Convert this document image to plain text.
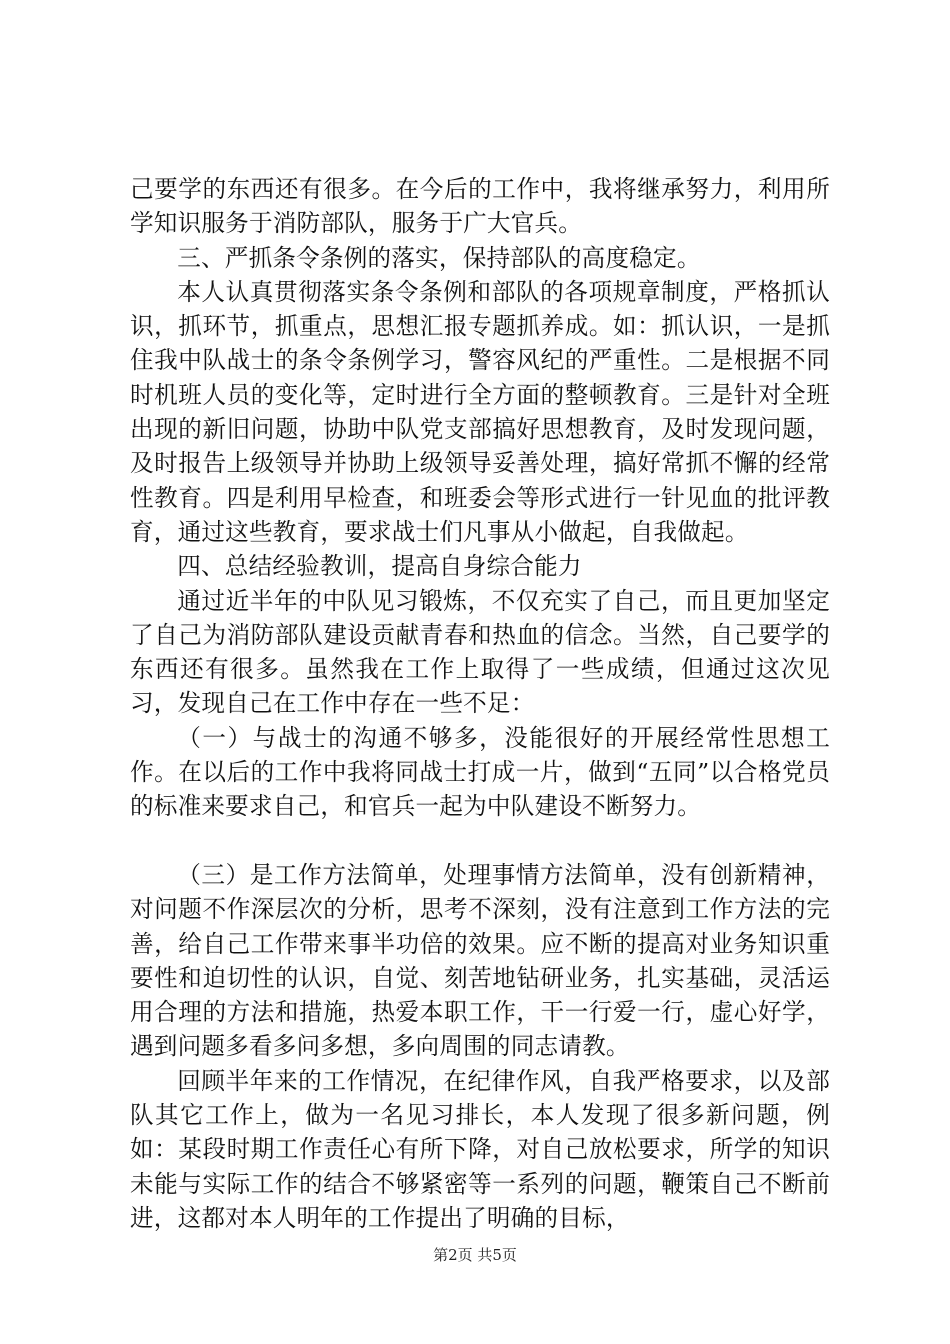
己要学的东西还有很多。在今后的工作中，我将继承努力，利用所学知识服务于消防部队，服务于广大官兵。

三、严抓条令条例的落实，保持部队的高度稳定。

本人认真贯彻落实条令条例和部队的各项规章制度，严格抓认识，抓环节，抓重点，思想汇报专题抓养成。如：抓认识，一是抓住我中队战士的条令条例学习，警容风纪的严重性。二是根据不同时机班人员的变化等，定时进行全方面的整顿教育。三是针对全班出现的新旧问题，协助中队党支部搞好思想教育，及时发现问题，及时报告上级领导并协助上级领导妥善处理，搞好常抓不懈的经常性教育。四是利用早检查，和班委会等形式进行一针见血的批评教育，通过这些教育，要求战士们凡事从小做起，自我做起。

四、总结经验教训，提高自身综合能力

通过近半年的中队见习锻炼，不仅充实了自己，而且更加坚定了自己为消防部队建设贡献青春和热血的信念。当然，自己要学的东西还有很多。虽然我在工作上取得了一些成绩，但通过这次见习，发现自己在工作中存在一些不足：

（一）与战士的沟通不够多，没能很好的开展经常性思想工作。在以后的工作中我将同战士打成一片，做到“五同”以合格党员的标准来要求自己，和官兵一起为中队建设不断努力。

（三）是工作方法简单，处理事情方法简单，没有创新精神，对问题不作深层次的分析，思考不深刻，没有注意到工作方法的完善，给自己工作带来事半功倍的效果。应不断的提高对业务知识重要性和迫切性的认识，自觉、刻苦地钻研业务，扎实基础，灵活运用合理的方法和措施，热爱本职工作，干一行爱一行，虚心好学，遇到问题多看多问多想，多向周围的同志请教。

回顾半年来的工作情况，在纪律作风，自我严格要求，以及部队其它工作上，做为一名见习排长，本人发现了很多新问题，例如：某段时期工作责任心有所下降，对自己放松要求，所学的知识未能与实际工作的结合不够紧密等一系列的问题，鞭策自己不断前进，这都对本人明年的工作提出了明确的目标，

第2页 共5页
